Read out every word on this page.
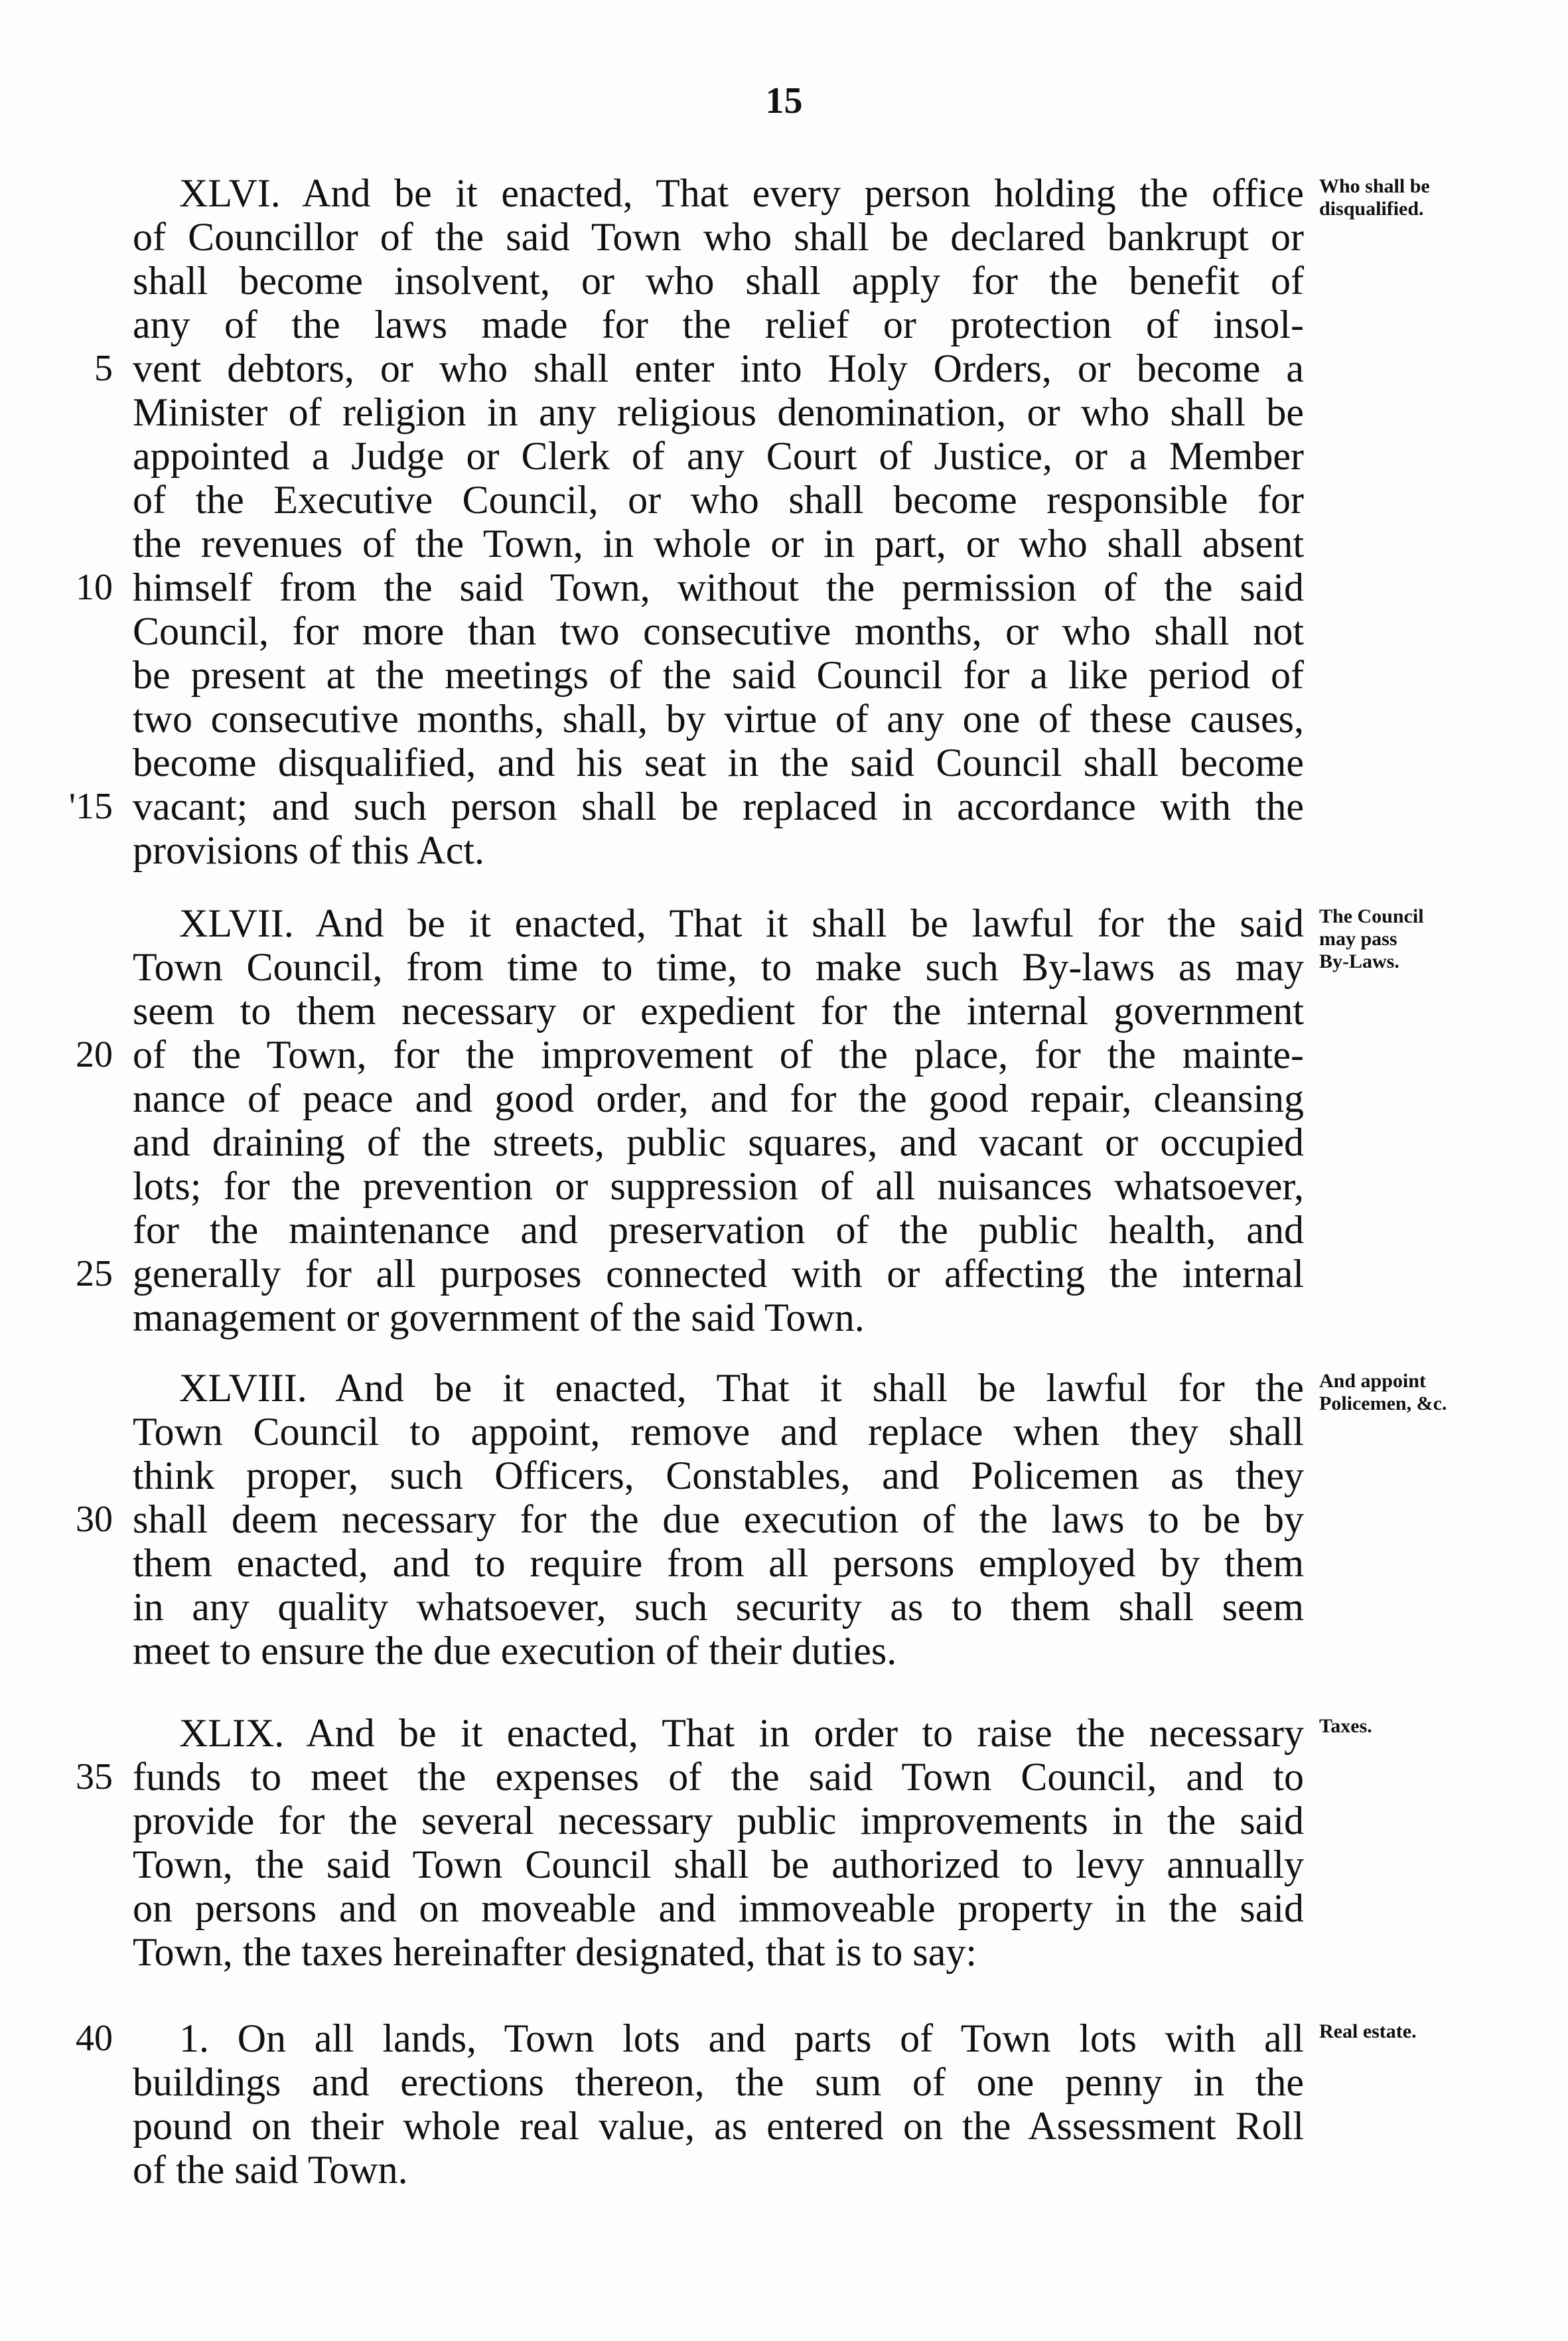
15
XLVI. And be it enacted, That every person holding the office
of Councillor of the said Town who shall be declared bankrupt or
shall become insolvent, or who shall apply for the benefit of
any of the laws made for the relief or protection of insol-
vent debtors, or who shall enter into Holy Orders, or become a
5
Minister of religion in any religious denomination, or who shall be
appointed a Judge or Clerk of any Court of Justice, or a Member
of the Executive Council, or who shall become responsible for
the revenues of the Town, in whole or in part, or who shall absent
himself from the said Town, without the permission of the said
10
Council, for more than two consecutive months, or who shall not
be present at the meetings of the said Council for a like period of
two consecutive months, shall, by virtue of any one of these causes,
become disqualified, and his seat in the said Council shall become
vacant; and such person shall be replaced in accordance with the
'15
provisions of this Act.
Who shall be
disqualified.
XLVII. And be it enacted, That it shall be lawful for the said
Town Council, from time to time, to make such By-laws as may
seem to them necessary or expedient for the internal government
of the Town, for the improvement of the place, for the mainte-
20
nance of peace and good order, and for the good repair, cleansing
and draining of the streets, public squares, and vacant or occupied
lots; for the prevention or suppression of all nuisances whatsoever,
for the maintenance and preservation of the public health, and
generally for all purposes connected with or affecting the internal
25
management or government of the said Town.
The Council
may pass
By-Laws.
XLVIII. And be it enacted, That it shall be lawful for the
Town Council to appoint, remove and replace when they shall
think proper, such Officers, Constables, and Policemen as they
shall deem necessary for the due execution of the laws to be by
30
them enacted, and to require from all persons employed by them
in any quality whatsoever, such security as to them shall seem
meet to ensure the due execution of their duties.
And appoint
Policemen, &c.
XLIX. And be it enacted, That in order to raise the necessary
funds to meet the expenses of the said Town Council, and to
35
provide for the several necessary public improvements in the said
Town, the said Town Council shall be authorized to levy annually
on persons and on moveable and immoveable property in the said
Town, the taxes hereinafter designated, that is to say:
Taxes.
1. On all lands, Town lots and parts of Town lots with all
40
buildings and erections thereon, the sum of one penny in the
pound on their whole real value, as entered on the Assessment Roll
of the said Town.
Real estate.
